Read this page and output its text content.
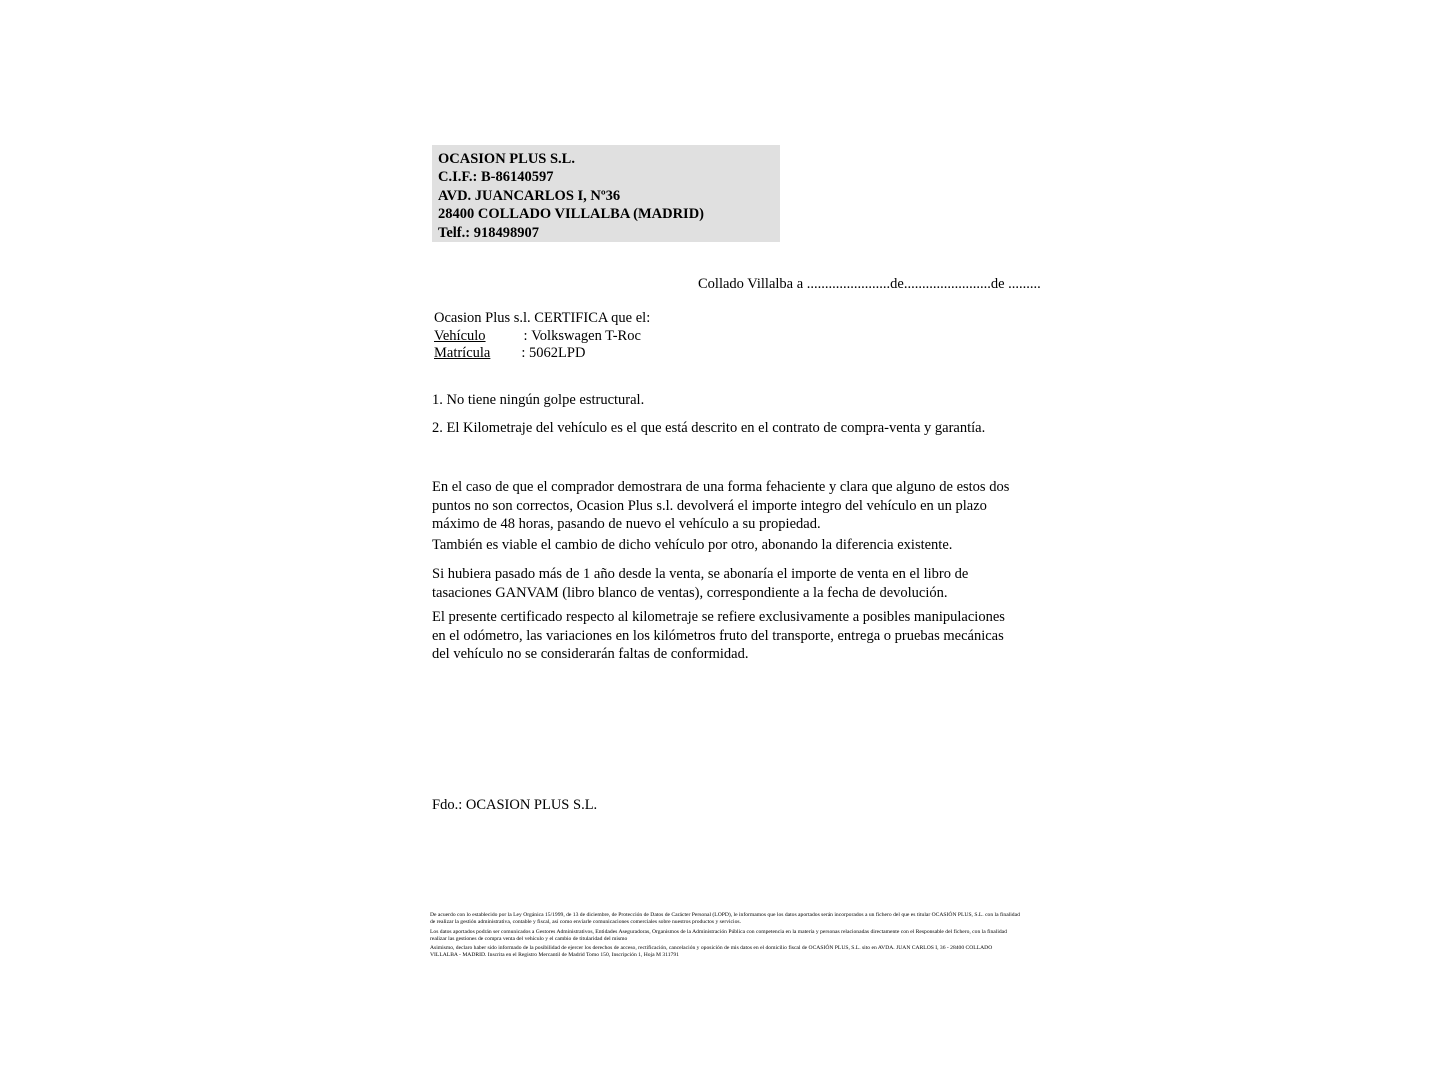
OCASION PLUS S.L.
C.I.F.: B-86140597
AVD. JUANCARLOS I, Nº36
28400 COLLADO VILLALBA (MADRID)
Telf.: 918498907
Collado Villalba a .......................de........................de .........
Ocasion Plus s.l. CERTIFICA que el:
Vehículo	: Volkswagen T-Roc
Matrícula : 5062LPD
1. No tiene ningún golpe estructural.
2. El Kilometraje del vehículo es el que está descrito en el contrato de compra-venta y garantía.
En el caso de que el comprador demostrara de una forma fehaciente y clara que alguno de estos dos puntos no son correctos, Ocasion Plus s.l. devolverá el importe integro del vehículo en un plazo máximo de 48 horas, pasando de nuevo el vehículo a su propiedad.
También es viable el cambio de dicho vehículo por otro, abonando la diferencia existente.
Si hubiera pasado más de 1 año desde la venta, se abonaría el importe de venta en el libro de tasaciones GANVAM (libro blanco de ventas), correspondiente a la fecha de devolución.
El presente certificado respecto al kilometraje se refiere exclusivamente a posibles manipulaciones en el odómetro, las variaciones en los kilómetros fruto del transporte, entrega o pruebas mecánicas del vehículo no se considerarán faltas de conformidad.
Fdo.: OCASION PLUS S.L.

De acuerdo con lo establecido por la Ley Orgánica 15/1999, de 13 de diciembre, de Protección de Datos de Carácter Personal (LOPD), le informamos que los datos aportados serán incorporados a un fichero del que es titular OCASIÓN PLUS, S.L. con la finalidad de realizar la gestión administrativa, contable y fiscal, así como envíarle comunicaciones comerciales sobre nuestros productos y servicios.

Los datos aportados podrán ser comunicados a Gestores Administrativos, Entidades Aseguradoras, Organismos de la Administración Pública con competencia en la materia y personas relacionadas directamente con el Responsable del fichero, con la finalidad realizar las gestiones de compra venta del vehículo y el cambio de titularidad del mismo

Asimismo, declaro haber sido informado de la posibilidad de ejercer los derechos de acceso, rectificación, cancelación y oposición de mis datos en el domicilio fiscal de OCASIÓN PLUS, S.L. sito en AVDA. JUAN CARLOS I, 36 - 28400 COLLADO VILLALBA - MADRID. Inscrita en el Registro Mercantil de Madrid Tomo 150, Inscripción 1, Hoja M 311791
